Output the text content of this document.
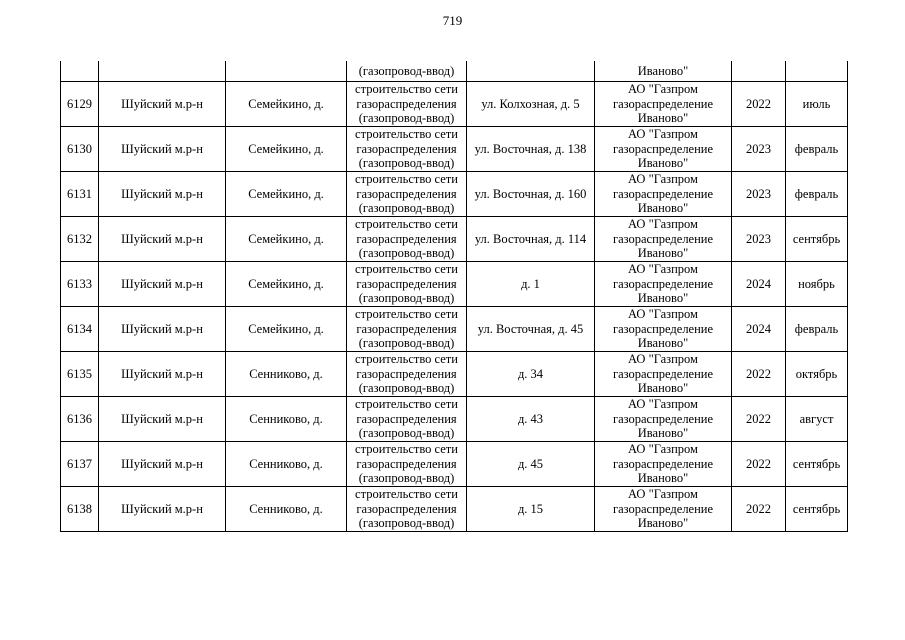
719
			(газопровод-ввод)		Иваново"		
6129	Шуйский м.р-н	Семейкино, д.	строительство сети
газораспределения
(газопровод-ввод)	ул. Колхозная, д. 5	АО "Газпром
газораспределение
Иваново"	2022	июль
6130	Шуйский м.р-н	Семейкино, д.	строительство сети
газораспределения
(газопровод-ввод)	ул. Восточная, д. 138	АО "Газпром
газораспределение
Иваново"	2023	февраль
6131	Шуйский м.р-н	Семейкино, д.	строительство сети
газораспределения
(газопровод-ввод)	ул. Восточная, д. 160	АО "Газпром
газораспределение
Иваново"	2023	февраль
6132	Шуйский м.р-н	Семейкино, д.	строительство сети
газораспределения
(газопровод-ввод)	ул. Восточная, д. 114	АО "Газпром
газораспределение
Иваново"	2023	сентябрь
6133	Шуйский м.р-н	Семейкино, д.	строительство сети
газораспределения
(газопровод-ввод)	д. 1	АО "Газпром
газораспределение
Иваново"	2024	ноябрь
6134	Шуйский м.р-н	Семейкино, д.	строительство сети
газораспределения
(газопровод-ввод)	ул. Восточная, д. 45	АО "Газпром
газораспределение
Иваново"	2024	февраль
6135	Шуйский м.р-н	Сенниково, д.	строительство сети
газораспределения
(газопровод-ввод)	д. 34	АО "Газпром
газораспределение
Иваново"	2022	октябрь
6136	Шуйский м.р-н	Сенниково, д.	строительство сети
газораспределения
(газопровод-ввод)	д. 43	АО "Газпром
газораспределение
Иваново"	2022	август
6137	Шуйский м.р-н	Сенниково, д.	строительство сети
газораспределения
(газопровод-ввод)	д. 45	АО "Газпром
газораспределение
Иваново"	2022	сентябрь
6138	Шуйский м.р-н	Сенниково, д.	строительство сети
газораспределения
(газопровод-ввод)	д. 15	АО "Газпром
газораспределение
Иваново"	2022	сентябрь
